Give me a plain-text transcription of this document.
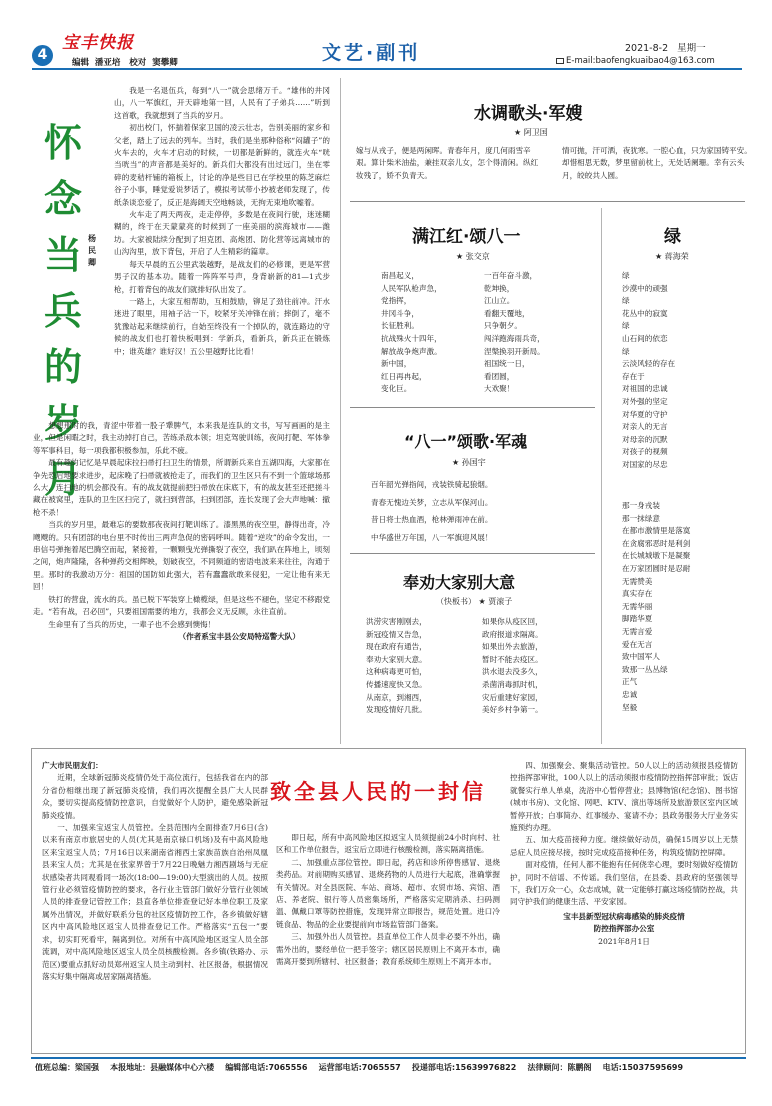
4
宝丰快报
编辑  潘亚培   校对  窦攀卿	文艺·副刊	2021-8-2   星期一
E-mail:baofengkuaibao4@163.com
怀念当兵的岁月
杨民卿

我是一名退伍兵，每到“八一”就会思绪万千。“雄伟的井冈山，八一军旗红，开天辟地第一回，人民有了子弟兵……”听到这首歌，我就想到了当兵的岁月。

初出校门，怀揣着保家卫国的凌云壮志，告别美丽的家乡和父老，踏上了远去的列车。当时，我们是坐那种俗称“闷罐子”的火车去的，火车才启动的时候，一切都是新鲜的，就连火车“咣当咣当”的声音都是美好的。新兵们大都没有出过远门，坐在零碎的麦秸杆铺的箱板上，讨论的净是些目已在学校里的陈芝麻烂谷子小事，睡觉爱说梦话了，模拟考试带小抄被老师发现了，传纸条谈恋爱了，反正是海阔天空地畅谈，无拘无束地吹嘘着。

火车走了两天两夜，走走停停，多数是在夜间行驶，迷迷糊糊的，终于在天蒙蒙亮的时候到了一座美丽的滨海城市——潍坊。大家被陆续分配到了坦克团、高炮团、防化营等远离城市的山沟沟里，放下背包，开启了人生精彩的篇章。

每天早晨的五公里武装越野，是战友们的必修课，更是军营男子汉的基本功。随着一阵阵军号声，身背崭新的81—1式步枪，打着背包的战友们就排好队出发了。

一路上，大家互相帮助，互相鼓励，铆足了劲往前冲。汗水迷进了眼里，用袖子沾一下，咬紧牙关冲锋在前；摔倒了，毫不犹豫站起来继续前行，自始至终没有一个掉队的，就连路边的守候的战友们也打着快板唱到：学新兵，看新兵，新兵正在锻炼中；谁英雄？谁好汉！五公里越野比比看！

想想那时的我，青涩中带着一股子犟脾气，本来我是连队的文书，写写画画的是主业，但是闲暇之时，我主动掉打自己，苦练杀敌本领；坦克驾驶训练，夜间打靶、军体拳等军事科目，每一项我都积极参加，乐此不疲。

最有趣的记忆是早晨起床拉扫帚打扫卫生的情景，所谓新兵来自五湖四海，大家都在争先恐后地要求进步，起床晚了扫帚就被抢走了，而我们的卫生区只有不到一个篮球场那么大，连扫地的机会都没有。有的战友就提前把扫帚放在床底下，有的战友甚至还把搓斗藏在被窝里，连队的卫生区扫完了，就扫到营部，扫到团部，连长发现了会大声地喊：撤枪不杀！

当兵的岁月里，最难忘的要数那夜夜间打靶训练了。漆黑黑的夜空里，静得出奇，冷飕飕的。只有团部的电台里不时传出三两声急促的密码呼叫。随着“逆攻”的命令发出，一串信号弹拖着尾巴腾空而起，紧接着，一颗颗曳光弹撕裂了夜空，我们趴在阵地上，顷刻之间，炮声隆隆，各种弹药交相辉映，划破夜空，不同频道的密语电波来来往往，沟通于里。那时的我激动万分：祖国的国防如此强大，若有蠢蠢欲敢来侵犯，一定让他有来无回！

铁打的营盘，流水的兵。虽已脱下军装穿上橄榄绿，但是这些不褪色，坚定不移跟党走。“若有战，召必回”，只要祖国需要的地方，我都会义无反顾，永往直前。

生命里有了当兵的历史，一辈子也不会感到懊悔！

（作者系宝丰县公安局特巡警大队）

水调歌头·军嫂
★ 阿卫国
嫁与从戎子，便是两闲晖。青春年月，度几何雨雪辛艰。算计柴米油盐，兼挂双亲儿女，怎个得清闲。纵红妆残了，娇不负青天。
情可抛，汗可洒，夜犹寒。一腔心血，只为家国铸平安。却惜相思无数，梦里留前枕上，无处话阑珊。幸有云头月，皎皎共人圆。
满江红·颂八一
★ 张交京
南昌起义，
人民军队枪声急，
党指挥，
井冈斗争，
长征胜利。
抗战殊火十四年，
解放战争炮声激。
新中国，
红日再冉起，
变化巨。
一百年奋斗激，
乾坤换，
江山立。
看翻天覆地，
只争朝夕。
闯洋跑海雨兵奇，
涅槃换羽开新局。
祖国统一日，
看团圆，
大欢聚！
绿
★ 蒋海荣
绿
沙漠中的顽强
绿
花丛中的寂寞
绿
山石间的依恋
绿
云淡风轻的存在
存在于
对祖国的忠诚
对外强的坚定
对华夏的守护
对亲人的无言
对母亲的沉默
对孩子的视频
对国家的尽忠
那一身戎装
那一抹绿意
在都市激情里是落寞
在贪腐邪恶时是利剑
在长城城墩下是凝聚
在万家团圆时是忍耐
无需赞美
真实存在
无需华丽
脚踏华夏
无需言爱
爱在无言
致中国军人
致那一丛丛绿
正气
忠诚
坚毅
“八一”颂歌·军魂
★ 孙国宇
百年韶光弹指间，戎装铁骑起狼烟。
青春无愧边关梦，立志从军保河山。
昔日将士热血酒，枪林弹雨冲在前。
中华盛世万年国，八一军旗迎风展！
奉劝大家别大意
（快板书） ★ 贾滚子
洪涝灾害刚刚去，
新冠疫情又告急，
现在政府有通告，
奉劝大家别大意。
这种病毒更可怕，
传播速度快又急。
从南京，到湘西，
发现疫情好几批。
如果你从疫区回，
政府报道求隔离。
如果出外去旅游，
暂时不能去疫区。
洪水退去没多久，
杀菌消毒抓时机，
灾后重建好家园，
美好乡村争第一。
致全县人民的一封信

广大市民朋友们：

近期，全球新冠肺炎疫情仍处于高位流行，包括我省在内的部分省份相继出现了新冠肺炎疫情，我们再次提醒全县广大人民群众，要切实提高疫情防控意识，自觉做好个人防护，避免感染新冠肺炎疫情。

一、加强来宝返宝人员管控。全县范围内全面排查7月6日(含)以来有南京市旅居史的人员(尤其是南京禄口机场)及有中高风险地区来宝返宝人员；7月16日以来湖南省湘西土家族苗族自治州凤凰县来宝人员；尤其是在张家界曾于7月22日晚魅力湘西剧场与无症状感染者共同观看同一场次(18:00—19:00)大型演出的人员。按照管行业必须管疫情防控的要求，各行业主管部门做好分管行业领域人员的排查登记管控工作；县直各单位排查登记好本单位职工及家属外出情况，并做好联系分包的社区疫情防控工作，各乡镇做好辖区内中高风险地区返宝人员排查登记工作。严格落实“五包一”要求，切实盯死看牢，隔离到位。对所有中高风险地区返宝人员全部流调，对中高风险地区返宝人员全员核酸检测。各乡镇(铁路办、示范区)要重点抓好动员郑州返宝人员主动到村、社区报备，根据情况落实好集中隔离或居家隔离措施。

即日起，所有中高风险地区拟返宝人员须提前24小时向村、社区和工作单位报告，返宝后立即进行核酸检测，落实隔离措施。

二、加强重点部位管控。即日起，药店和诊所停售感冒、退烧类药品。对前期购买感冒、退烧药物的人员进行大起底，准确掌握有关情况。对全县医院、车站、商场、超市、农贸市场、宾馆、酒店、养老院、银行等人员密集场所，严格落实定期消杀、扫码测温、佩戴口罩等防控措施，发现异常立即报告，规范处置。进口冷链食品、物品的企业要提前向市场监管部门备案。

三、加强外出人员管控。县直单位工作人员非必要不外出，确需外出的，要经单位一把手签字；辖区居民原则上不离开本市，确需离开要到所辖村、社区报备；教育系统师生原则上不离开本市。

四、加强聚会、聚集活动管控。50人以上的活动须报县疫情防控指挥部审批，100人以上的活动须报市疫情防控指挥部审批；饭店就餐实行单人单桌，洗浴中心暂停营业；县博物馆(纪念馆)、图书馆(城市书房)、文化馆、网吧、KTV、演出等场所及旅游景区室内区域暂停开放；白事简办、红事缓办、宴请不办；县政务服务大厅业务实施预约办理。

五、加大疫苗接种力度。继续做好动员，确保15周岁以上无禁忌症人员应接尽接，按时完成疫苗接种任务，构筑疫情防控屏障。

面对疫情，任何人都不能抱有任何侥幸心理，要时刻做好疫情防护，同时不信谣、不传谣。我们坚信，在县委、县政府的坚强领导下，我们万众一心，众志成城，就一定能够打赢这场疫情防控战，共同守护我们的健康生活、平安家园。

宝丰县新型冠状病毒感染的肺炎疫情

防控指挥部办公室

2021年8月1日

值班总编：梁国强    本报地址：县融媒体中心六楼    编辑部电话:7065556    运营部电话:7065557    投递部电话:15639976822    法律顾问：陈鹏阁    电话:15037595699
